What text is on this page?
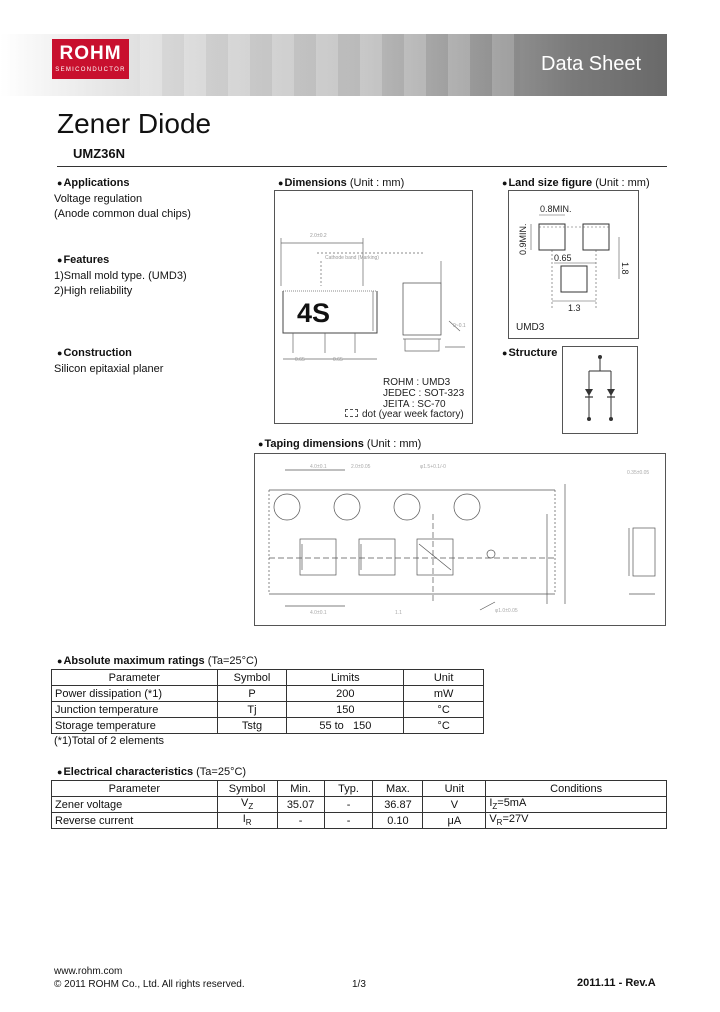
ROHM
SEMICONDUCTOR	Data Sheet
Zener Diode
UMZ36N
●Applications
Voltage regulation
(Anode common dual chips)
●Features
1)Small mold type. (UMD3)
2)High reliability
●Construction
Silicon epitaxial planer
●Dimensions (Unit : mm)
2.0±0.2
Cathode band (Marking)
0~0.1
0.65	0.65
4S
ROHM : UMD3
JEDEC : SOT-323
JEITA : SC-70
dot (year week factory)
●Land size figure (Unit : mm)
0.8MIN.
0.65
1.3
1.8
0.9MIN.
UMD3
●Structure
●Taping dimensions (Unit : mm)
4.0±0.1	2.0±0.05	φ1.5+0.1/-0
φ1.0±0.05
0.35±0.05
4.0±0.1	1.1
●Absolute maximum ratings (Ta=25°C)
Parameter	Symbol	Limits	Unit
Power dissipation (*1)	P	200	mW
Junction temperature	Tj	150	°C
Storage temperature	Tstg	55 to   150	°C
(*1)Total of 2 elements
●Electrical characteristics (Ta=25°C)
Parameter	Symbol	Min.	Typ.	Max.	Unit	Conditions
Zener voltage	$V_Z$	35.07	-	36.87	V	$I_Z=5mA$
Reverse current	$I_R$	-	-	0.10	μA	$V_R=27V$
www.rohm.com
© 2011 ROHM Co., Ltd. All rights reserved.	1/3	2011.11 - Rev.A
